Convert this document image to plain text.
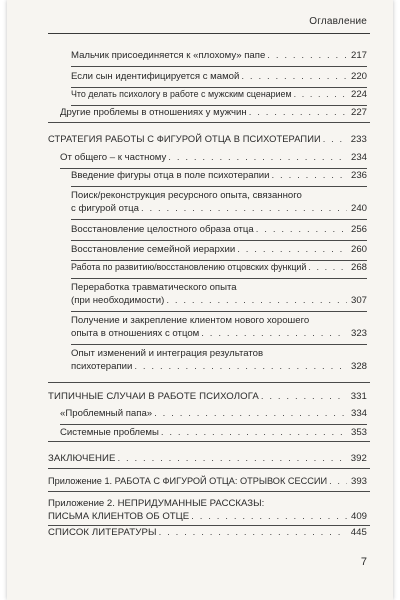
Оглавление
Мальчик присоединяется к «плохому» папе . . .	217
Если сын идентифицируется с мамой . . .	220
Что делать психологу в работе с мужским сценарием . . .	224
Другие проблемы в отношениях у мужчин . . .	227
СТРАТЕГИЯ РАБОТЫ С ФИГУРОЙ ОТЦА В ПСИХОТЕРАПИИ . . .	233
От общего – к частному . . .	234
Введение фигуры отца в поле психотерапии . . .	236
Поиск/реконструкция ресурсного опыта, связанного
с фигурой отца . . .	240
Восстановление целостного образа отца . . .	256
Восстановление семейной иерархии . . .	260
Работа по развитию/восстановлению отцовских функций . . .	268
Переработка травматического опыта
(при необходимости) . . .	307
Получение и закрепление клиентом нового хорошего
опыта в отношениях с отцом . . .	323
Опыт изменений и интеграция результатов
психотерапии . . .	328
ТИПИЧНЫЕ СЛУЧАИ В РАБОТЕ ПСИХОЛОГА . . .	331
«Проблемный папа» . . .	334
Системные проблемы . . .	353
ЗАКЛЮЧЕНИЕ . . .	392
Приложение 1. РАБОТА С ФИГУРОЙ ОТЦА: ОТРЫВОК СЕССИИ . . . 393
Приложение 2. НЕПРИДУМАННЫЕ РАССКАЗЫ:
ПИСЬМА КЛИЕНТОВ ОБ ОТЦЕ . . .	409
СПИСОК ЛИТЕРАТУРЫ . . .	445
7
